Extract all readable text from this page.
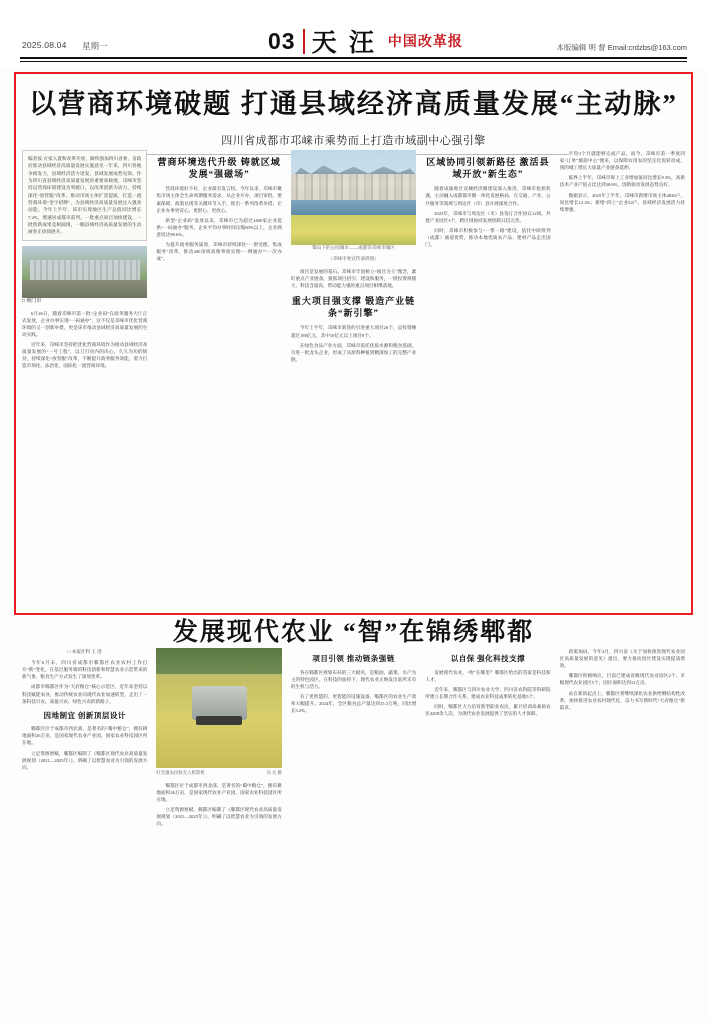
2025.08.04 星期一	03 天 汪 中国改革报	本版编辑 明 督 Email:crdzbs@163.com
以营商环境破题 打通县域经济高质量发展“主动脉”
四川省成都市邛崃市乘势而上打造市域副中心强引擎
编者按 方家入置和改革开放，蹄疾强加四川省委、省政府推动县域经济高质量发展实施意见一年来，四川各地争相发力，县域经济活力迸发，县域发展成势见效。作为四川省县域经济高质量发展的重要承载地，邛崃市坚持以营商环境建设为突破口、以改革创新为动力，持续深化“放管服”改革，推动市场主体扩容提质，打造一流营商环境“金字招牌”，为县域经济高质量发展注入强劲动能。今年上半年，该市实现地区生产总值同比增长7.2%，增速居成都市前列。一批重点项目加快建设，一批创新成果竞相涌现，一幅县域经济高质量发展的生动画卷正徐徐展开。
□ 荆门市

6月26日，随着邛崃市第一批“企业码”在政务服务大厅正式发放，企业办事实现“一码通办”，这不仅是邛崃市优化营商环境的又一创新举措，更是该市推动县域经济高质量发展的生动实践。

近年来，邛崃市坚持把优化营商环境作为推动县域经济高质量发展的“一号工程”，以刀刃向内的决心、久久为功的韧劲，持续深化“放管服”改革，不断提升政务服务效能，着力打造市场化、法治化、国际化一流营商环境。

营商环境迭代升级 铸就区域发展“强磁场”

营商环境好不好，企业最有发言权。今年以来，邛崃市聚焦市场主体全生命周期服务需求，从企业开办、项目审批、要素保障、政策兑现等关键环节入手，推出一系列改革举措，让企业办事更省心、更舒心、更放心。

新型“企业码”发放以来，邛崃市已为超过2400家企业提供“一码通办”服务，企业平均办事时间压缩60%以上，企业满意度达98.6%。

为提升政务服务质效，邛崃市持续深化“一窗受理、集成服务”改革，推动200余项高频事项实现“一网通办”“一次办成”。

蜀山下的公园城市——成都崇邛崃市城区
（邛崃市委宣传部供图）

项目是发展的基石。邛崃市牢固树立“项目为王”理念，紧盯重点产业链条，狠抓项目招引、建设和服务，一批投资规模大、科技含量高、带动能力强的重点项目相继落地。

重大项目强支撑 锻造产业链条“新引擎”

今年上半年，邛崃市新签约引进重大项目26个，总投资额超过180亿元，其中10亿元以上项目8个。

在绿色食品产业方面，邛崃市依托优质水源和粮食基础，引进一批龙头企业，形成了从原料种植到精深加工的完整产业链。

区域协同引领新路径 激活县域开放“新生态”

随着成渝地区双城经济圈建设深入推进，邛崃市抢抓机遇，主动融入成都都市圈一体化发展格局，在交通、产业、公共服务等领域与周边区（市）县开展深度合作。

2023年，邛崃市与周边区（市）县签订合作协议12项，共建产业园区3个，跨区域协同发展机制日趋完善。

同时，邛崃市积极参与“一带一路”建设，依托中欧班列（成都）通道优势，推动本地优质农产品、建材产品走出国门。

平均3个月就能够完成产品，而今，邛崃市第一季度四家“订单”城超中心”便来，以保障农用农的坚定化促转动成，到的城工增长大质量产业链条延伸。

临界上半年，邛崃市规上工业增加值同比增长9.3%，高新技术产业产值占比达到38.6%，创新驱动发展态势良好。

数据显示，2025年上半年，邛崃市新增市场主体4826户，同比增长12.4%；新增“四上”企业52户，县域经济发展活力持续增强。

发展现代农业 “智”在锦绣郫都
□ 本报社科 王 进

今年6月末，四川省成都市郫都区农业农村工作打开“新”变化，在基层服务端的科技创新和智慧农业示范带来的新气象，粮食生产方式发生了深刻变革。

成都市郫都区作为“天府粮仓”核心示范区，近年来坚持以科技赋能农业，推动传统农业向现代农业加速转型，走出了一条科技兴农、质量兴农、绿色兴农的新路子。

因地制宜 创新顶层设计

郫都区位于成都市西北部，是著名的“蜀中粮仓”，拥有耕地面积26万亩，是国家现代农业产业园、国家农业科技园区所在地。

立足资源禀赋，郫都区编制了《郫都区现代农业高质量发展规划（2021—2025年）》，明确了以智慧农业为引领的发展方向。

红光镇农民收无人机影机	冯 夫 摄

郫都区位于成都市西北部，是著名的“蜀中粮仓”，拥有耕地面积26万亩，是国家现代农业产业园、国家农业科技园区所在地。

立足资源禀赋，郫都区编制了《郫都区现代农业高质量发展规划（2021—2025年）》，明确了以智慧农业为引领的发展方向。

项目引领 推动链条强链

各在郫都区规划布局的三大板块，是粮油、蔬菜、水产为主的特色园区。在科技的加持下，现代农业正焕发出前所未有的生机与活力。

有了更智慧的、更智能的设施设备，郫都区的农业生产效率大幅提升。2024年，全区粮食总产量达到15.3万吨，同比增长3.2%。

以自保 强化科技支撑

发展现代农业，“智”在哪里？郫都区给出的答案是科技和人才。

近年来，郫都区与四川农业大学、四川省农科院等科研院所建立长期合作关系，建成农业科技成果转化基地5个。

同时，郫都区大力培育新型职业农民，累计培训高素质农民3200余人次，为现代农业发展提供了坚实的人才保障。

政策加码，今年4月，四川省《关于加快推进现代农业园区高质量发展的意见》提出，要力推动园区建设实现提质增效。

郫都区积极响应，目前已建成省级现代农业园区2个、市级现代农业园区5个，园区面积达到12万亩。

站在新的起点上，郫都区将继续深化农业供给侧结构性改革，加快推进农业农村现代化，奋力书写新时代“天府粮仓”新篇章。
